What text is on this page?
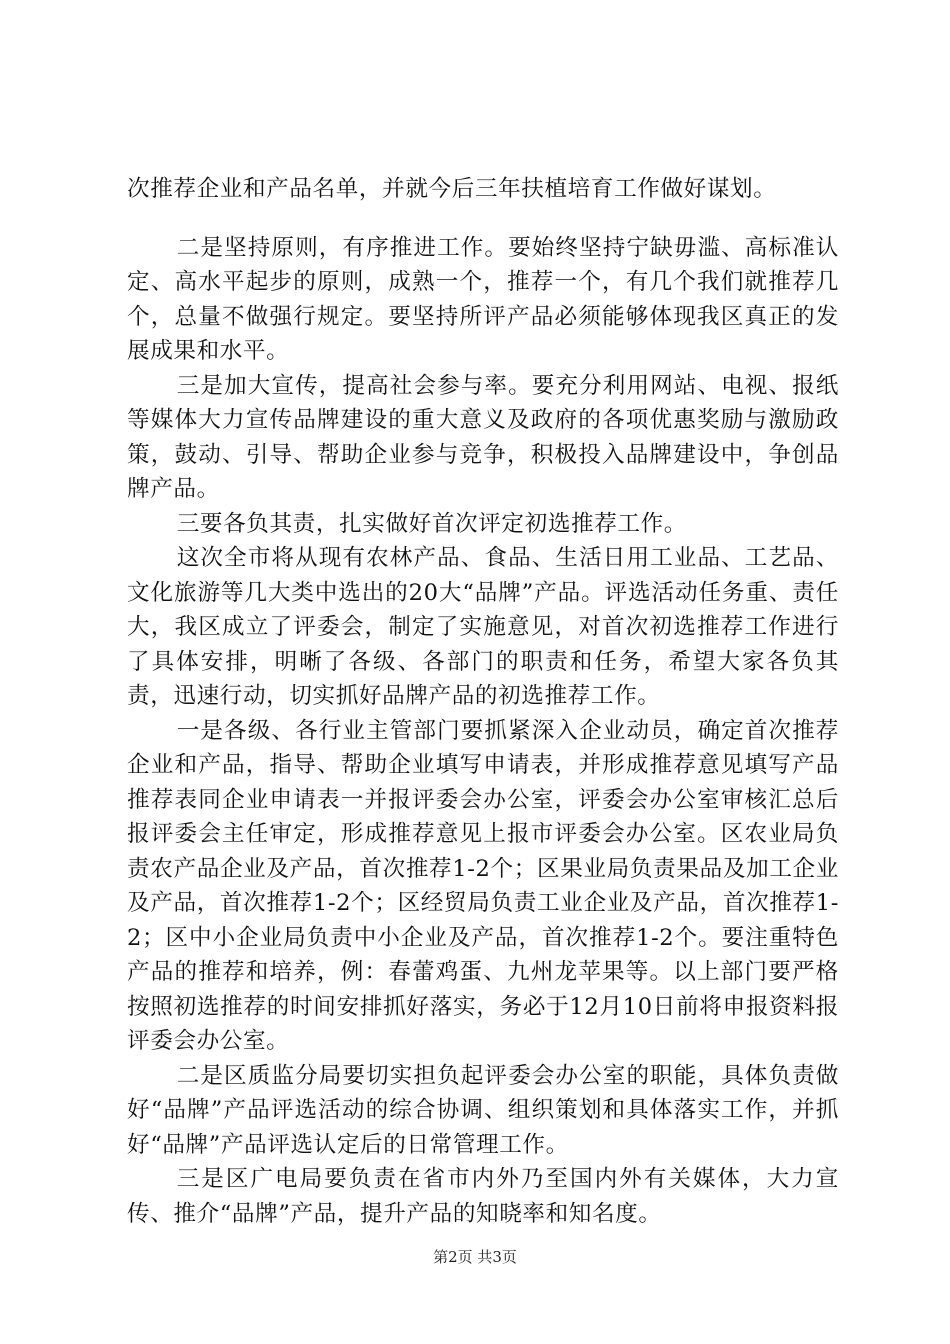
次推荐企业和产品名单，并就今后三年扶植培育工作做好谋划。

二是坚持原则，有序推进工作。要始终坚持宁缺毋滥、高标准认定、高水平起步的原则，成熟一个，推荐一个，有几个我们就推荐几个，总量不做强行规定。要坚持所评产品必须能够体现我区真正的发展成果和水平。

三是加大宣传，提高社会参与率。要充分利用网站、电视、报纸等媒体大力宣传品牌建设的重大意义及政府的各项优惠奖励与激励政策，鼓动、引导、帮助企业参与竞争，积极投入品牌建设中，争创品牌产品。

三要各负其责，扎实做好首次评定初选推荐工作。

这次全市将从现有农林产品、食品、生活日用工业品、工艺品、文化旅游等几大类中选出的20大“品牌”产品。评选活动任务重、责任大，我区成立了评委会，制定了实施意见，对首次初选推荐工作进行了具体安排，明晰了各级、各部门的职责和任务，希望大家各负其责，迅速行动，切实抓好品牌产品的初选推荐工作。

一是各级、各行业主管部门要抓紧深入企业动员，确定首次推荐企业和产品，指导、帮助企业填写申请表，并形成推荐意见填写产品推荐表同企业申请表一并报评委会办公室，评委会办公室审核汇总后报评委会主任审定，形成推荐意见上报市评委会办公室。区农业局负责农产品企业及产品，首次推荐1-2个；区果业局负责果品及加工企业及产品，首次推荐1-2个；区经贸局负责工业企业及产品，首次推荐1-2；区中小企业局负责中小企业及产品，首次推荐1-2个。要注重特色产品的推荐和培养，例：春蕾鸡蛋、九州龙苹果等。以上部门要严格按照初选推荐的时间安排抓好落实，务必于12月10日前将申报资料报评委会办公室。

二是区质监分局要切实担负起评委会办公室的职能，具体负责做好“品牌”产品评选活动的综合协调、组织策划和具体落实工作，并抓好“品牌”产品评选认定后的日常管理工作。

三是区广电局要负责在省市内外乃至国内外有关媒体，大力宣传、推介“品牌”产品，提升产品的知晓率和知名度。

第2页 共3页
